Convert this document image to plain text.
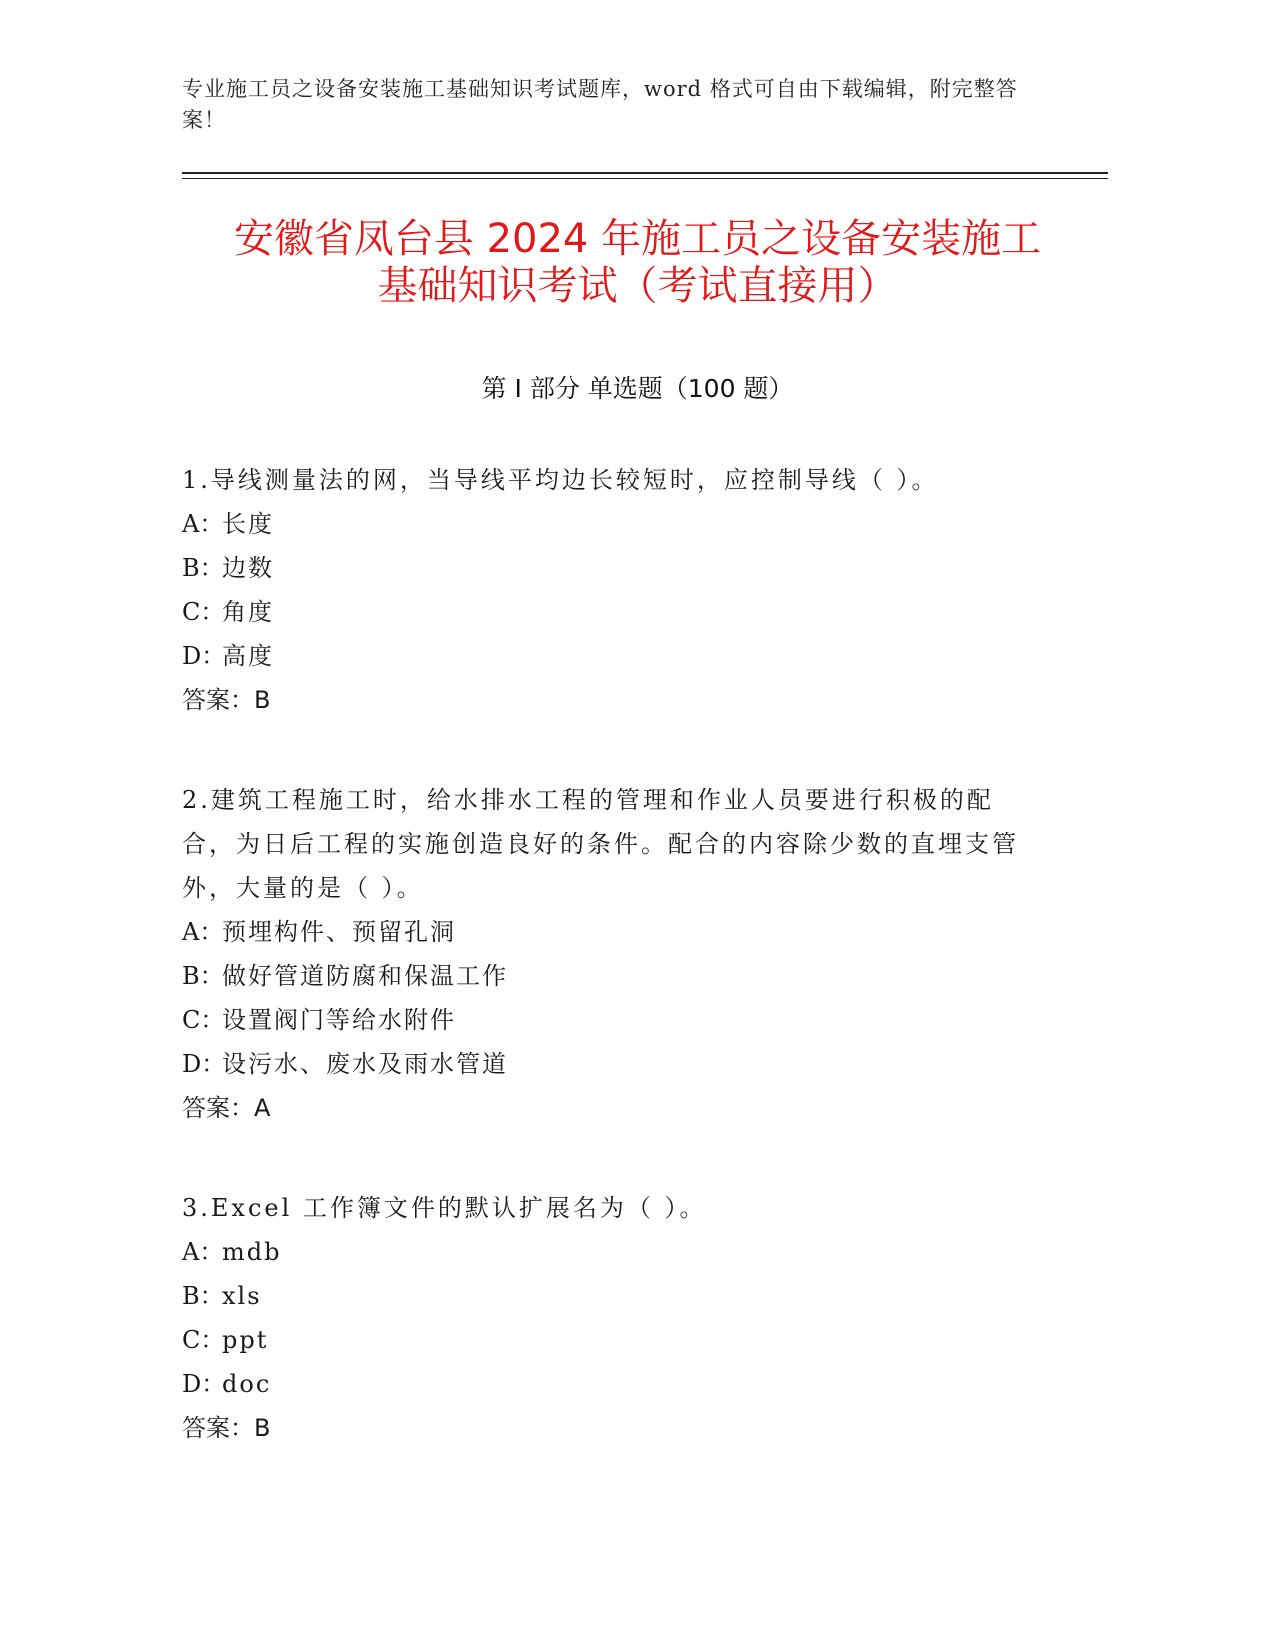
专业施工员之设备安装施工基础知识考试题库，word 格式可自由下载编辑，附完整答案！
安徽省凤台县 2024 年施工员之设备安装施工
基础知识考试（考试直接用）
第 I 部分 单选题（100 题）
1.导线测量法的网，当导线平均边长较短时，应控制导线（ ）。
A：长度
B：边数
C：角度
D：高度
答案：B
2.建筑工程施工时，给水排水工程的管理和作业人员要进行积极的配合，为日后工程的实施创造良好的条件。配合的内容除少数的直埋支管外，大量的是（ ）。
A：预埋构件、预留孔洞
B：做好管道防腐和保温工作
C：设置阀门等给水附件
D：设污水、废水及雨水管道
答案：A
3.Excel 工作簿文件的默认扩展名为（ ）。
A：mdb
B：xls
C：ppt
D：doc
答案：B
